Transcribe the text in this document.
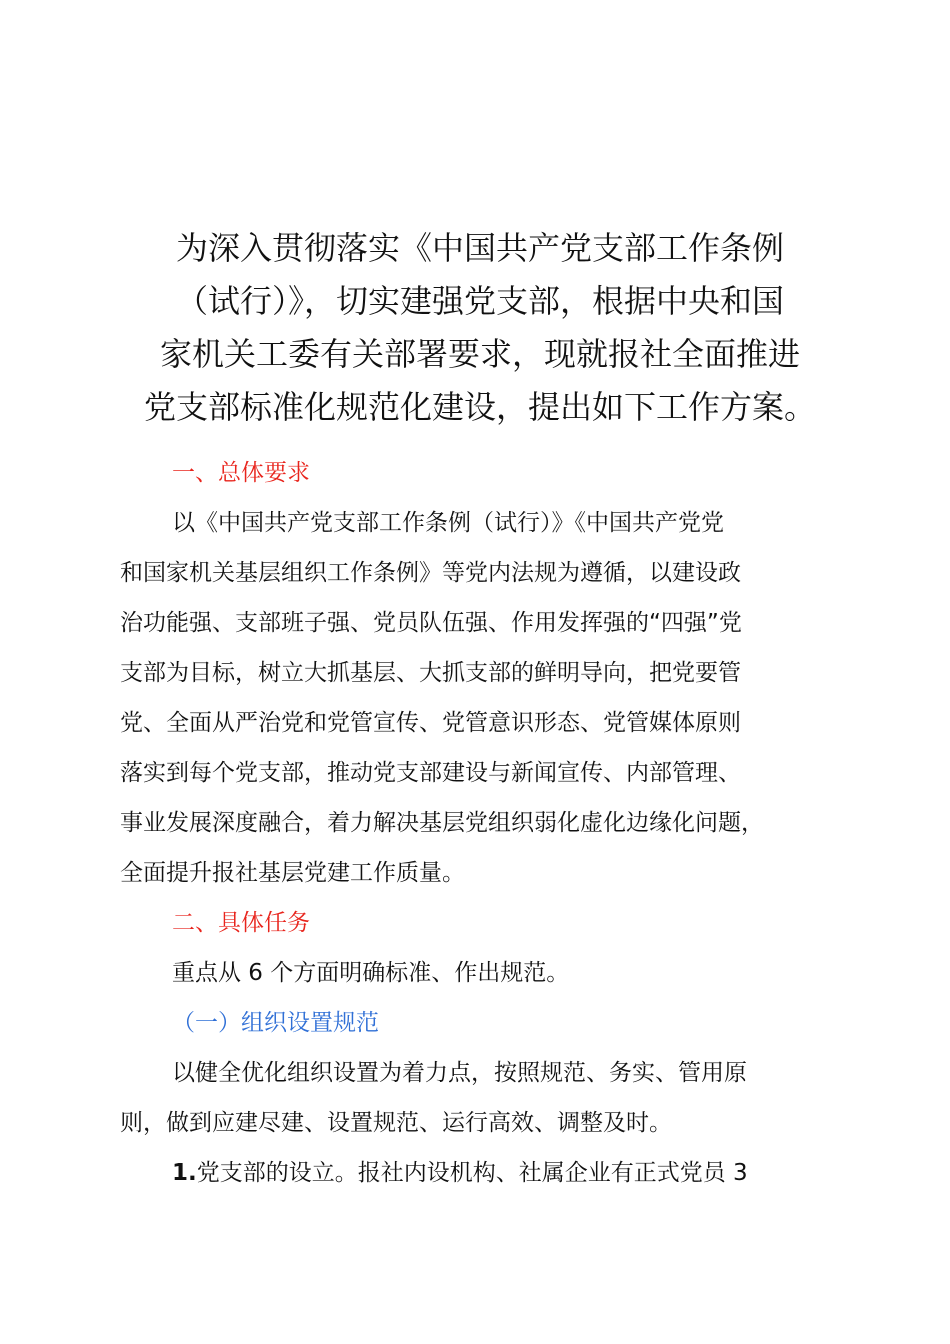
为深入贯彻落实《中国共产党支部工作条例
（试行）》，切实建强党支部，根据中央和国
家机关工委有关部署要求，现就报社全面推进
党支部标准化规范化建设，提出如下工作方案。
一、总体要求
以《中国共产党支部工作条例（试行）》《中国共产党党
和国家机关基层组织工作条例》等党内法规为遵循，以建设政
治功能强、支部班子强、党员队伍强、作用发挥强的“四强”党
支部为目标，树立大抓基层、大抓支部的鲜明导向，把党要管
党、全面从严治党和党管宣传、党管意识形态、党管媒体原则
落实到每个党支部，推动党支部建设与新闻宣传、内部管理、
事业发展深度融合，着力解决基层党组织弱化虚化边缘化问题，
全面提升报社基层党建工作质量。
二、具体任务
重点从 6 个方面明确标准、作出规范。
（一）组织设置规范
以健全优化组织设置为着力点，按照规范、务实、管用原
则，做到应建尽建、设置规范、运行高效、调整及时。
1.党支部的设立。报社内设机构、社属企业有正式党员 3
